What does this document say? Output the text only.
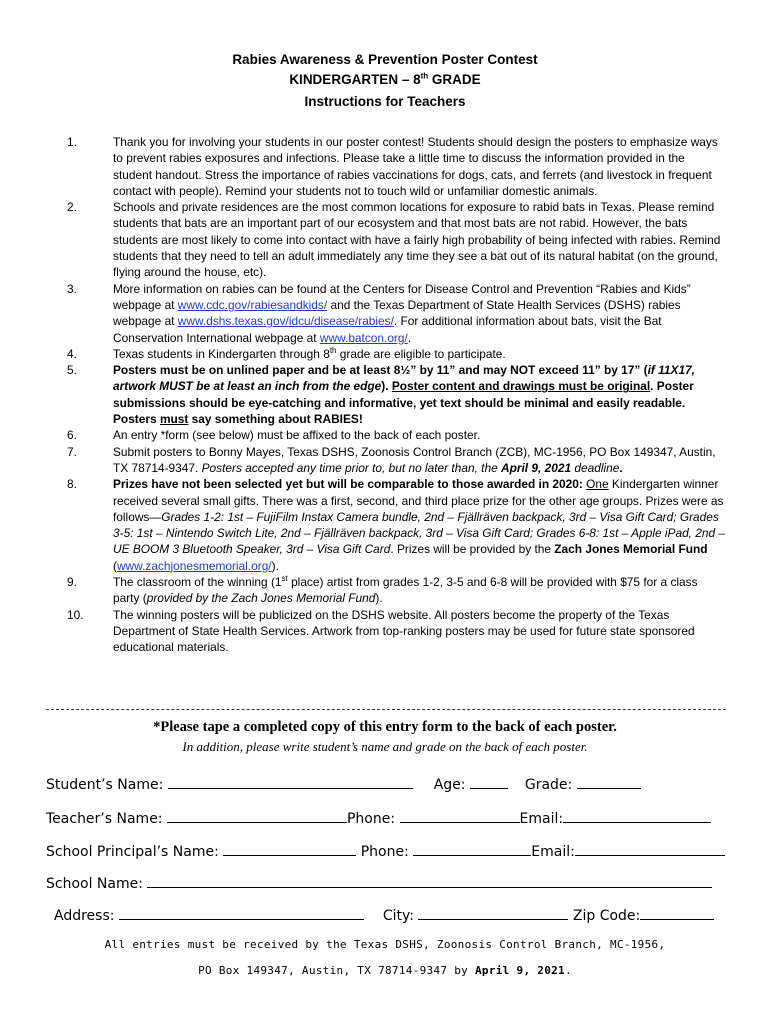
Rabies Awareness & Prevention Poster Contest
KINDERGARTEN – 8th GRADE
Instructions for Teachers
1.	Thank you for involving your students in our poster contest! Students should design the posters to emphasize ways to prevent rabies exposures and infections. Please take a little time to discuss the information provided in the student handout. Stress the importance of rabies vaccinations for dogs, cats, and ferrets (and livestock in frequent contact with people). Remind your students not to touch wild or unfamiliar domestic animals.
2.	Schools and private residences are the most common locations for exposure to rabid bats in Texas. Please remind students that bats are an important part of our ecosystem and that most bats are not rabid. However, the bats students are most likely to come into contact with have a fairly high probability of being infected with rabies. Remind students that they need to tell an adult immediately any time they see a bat out of its natural habitat (on the ground, flying around the house, etc).
3.	More information on rabies can be found at the Centers for Disease Control and Prevention “Rabies and Kids” webpage at www.cdc.gov/rabiesandkids/ and the Texas Department of State Health Services (DSHS) rabies webpage at www.dshs.texas.gov/idcu/disease/rabies/. For additional information about bats, visit the Bat Conservation International webpage at www.batcon.org/.
4.	Texas students in Kindergarten through 8th grade are eligible to participate.
5.	Posters must be on unlined paper and be at least 8½” by 11” and may NOT exceed 11” by 17” (if 11X17, artwork MUST be at least an inch from the edge). Poster content and drawings must be original. Poster submissions should be eye-catching and informative, yet text should be minimal and easily readable. Posters must say something about RABIES!
6.	An entry *form (see below) must be affixed to the back of each poster.
7.	Submit posters to Bonny Mayes, Texas DSHS, Zoonosis Control Branch (ZCB), MC-1956, PO Box 149347, Austin, TX 78714-9347. Posters accepted any time prior to, but no later than, the April 9, 2021 deadline.
8.	Prizes have not been selected yet but will be comparable to those awarded in 2020: One Kindergarten winner received several small gifts. There was a first, second, and third place prize for the other age groups. Prizes were as follows—Grades 1-2: 1st – FujiFilm Instax Camera bundle, 2nd – Fjällräven backpack, 3rd – Visa Gift Card; Grades 3-5: 1st – Nintendo Switch Lite, 2nd – Fjällräven backpack, 3rd – Visa Gift Card; Grades 6-8: 1st – Apple iPad, 2nd – UE BOOM 3 Bluetooth Speaker, 3rd – Visa Gift Card. Prizes will be provided by the Zach Jones Memorial Fund (www.zachjonesmemorial.org/).
9.	The classroom of the winning (1st place) artist from grades 1-2, 3-5 and 6-8 will be provided with $75 for a class party (provided by the Zach Jones Memorial Fund).
10. The winning posters will be publicized on the DSHS website. All posters become the property of the Texas Department of State Health Services. Artwork from top-ranking posters may be used for future state sponsored educational materials.
*Please tape a completed copy of this entry form to the back of each poster.
In addition, please write student’s name and grade on the back of each poster.
Student’s Name:	Age:	Grade:
Teacher’s Name:	Phone:	Email:
School Principal’s Name:	Phone:	Email:
School Name:
Address:	City:	Zip Code:
All entries must be received by the Texas DSHS, Zoonosis Control Branch, MC-1956,
PO Box 149347, Austin, TX 78714-9347 by April 9, 2021.
